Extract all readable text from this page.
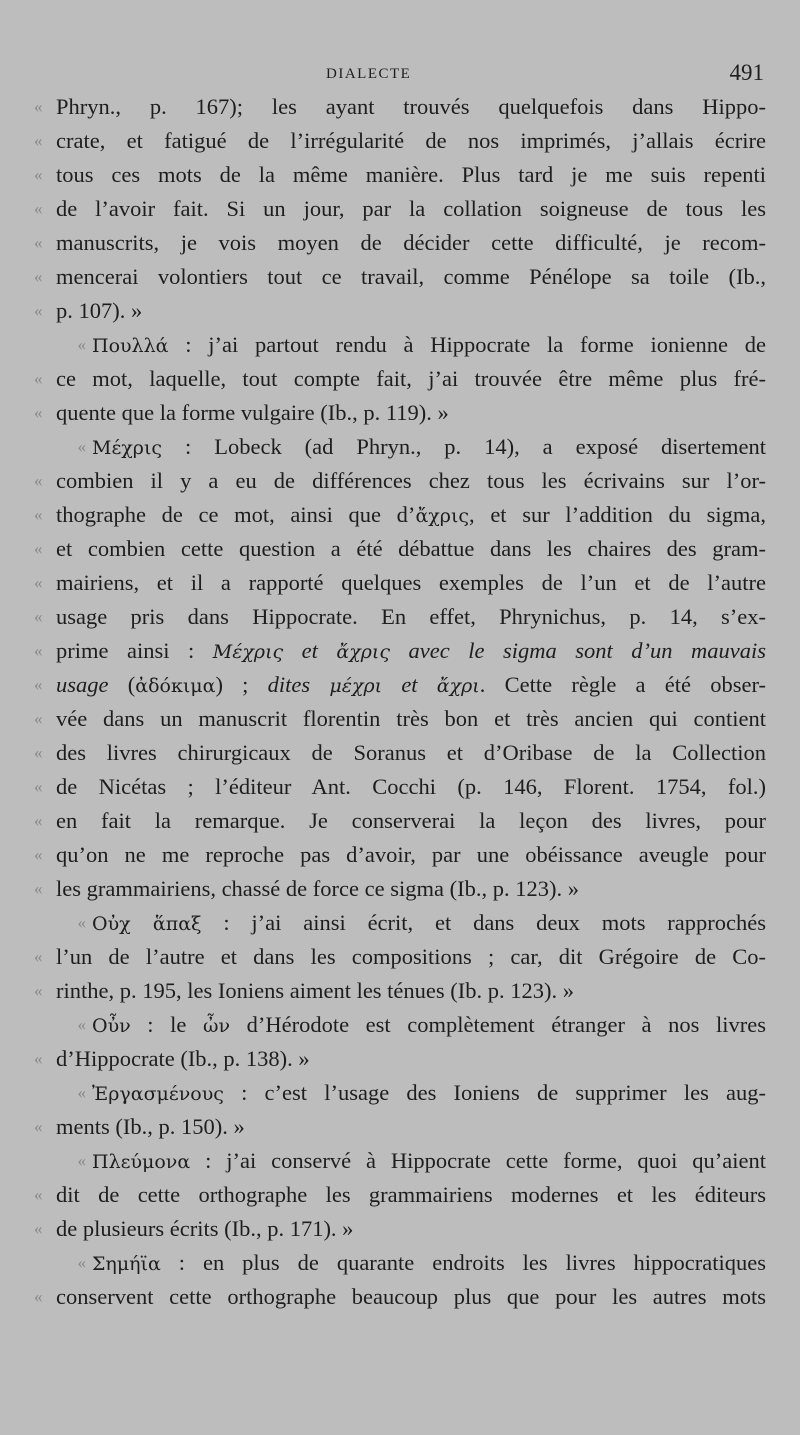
DIALECTE	491
« Phryn., p. 167); les ayant trouvés quelquefois dans Hippo-
« crate, et fatigué de l’irrégularité de nos imprimés, j’allais écrire
« tous ces mots de la même manière. Plus tard je me suis repenti
« de l’avoir fait. Si un jour, par la collation soigneuse de tous les
« manuscrits, je vois moyen de décider cette difficulté, je recom-
« mencerai volontiers tout ce travail, comme Pénélope sa toile (Ib.,
« p. 107). »
« Πουλλά : j’ai partout rendu à Hippocrate la forme ionienne de
« ce mot, laquelle, tout compte fait, j’ai trouvée être même plus fré-
« quente que la forme vulgaire (Ib., p. 119). »
« Μέχρις : Lobeck (ad Phryn., p. 14), a exposé disertement
« combien il y a eu de différences chez tous les écrivains sur l’or-
« thographe de ce mot, ainsi que d’ἄχρις, et sur l’addition du sigma,
« et combien cette question a été débattue dans les chaires des gram-
« mairiens, et il a rapporté quelques exemples de l’un et de l’autre
« usage pris dans Hippocrate. En effet, Phrynichus, p. 14, s’ex-
« prime ainsi : Μέχρις et ἄχρις avec le sigma sont d’un mauvais
« usage (ἀδόκιμα) ; dites μέχρι et ἄχρι. Cette règle a été obser-
« vée dans un manuscrit florentin très bon et très ancien qui contient
« des livres chirurgicaux de Soranus et d’Oribase de la Collection
« de Nicétas ; l’éditeur Ant. Cocchi (p. 146, Florent. 1754, fol.)
« en fait la remarque. Je conserverai la leçon des livres, pour
« qu’on ne me reproche pas d’avoir, par une obéissance aveugle pour
« les grammairiens, chassé de force ce sigma (Ib., p. 123). »
« Οὐχ ἅπαξ : j’ai ainsi écrit, et dans deux mots rapprochés
« l’un de l’autre et dans les compositions ; car, dit Grégoire de Co-
« rinthe, p. 195, les Ioniens aiment les ténues (Ib. p. 123). »
« Οὖν : le ὦν d’Hérodote est complètement étranger à nos livres
« d’Hippocrate (Ib., p. 138). »
« Ἐργασμένους : c’est l’usage des Ioniens de supprimer les aug-
« ments (Ib., p. 150). »
« Πλεύμονα : j’ai conservé à Hippocrate cette forme, quoi qu’aient
« dit de cette orthographe les grammairiens modernes et les éditeurs
« de plusieurs écrits (Ib., p. 171). »
« Σημήϊα : en plus de quarante endroits les livres hippocratiques
« conservent cette orthographe beaucoup plus que pour les autres mots
